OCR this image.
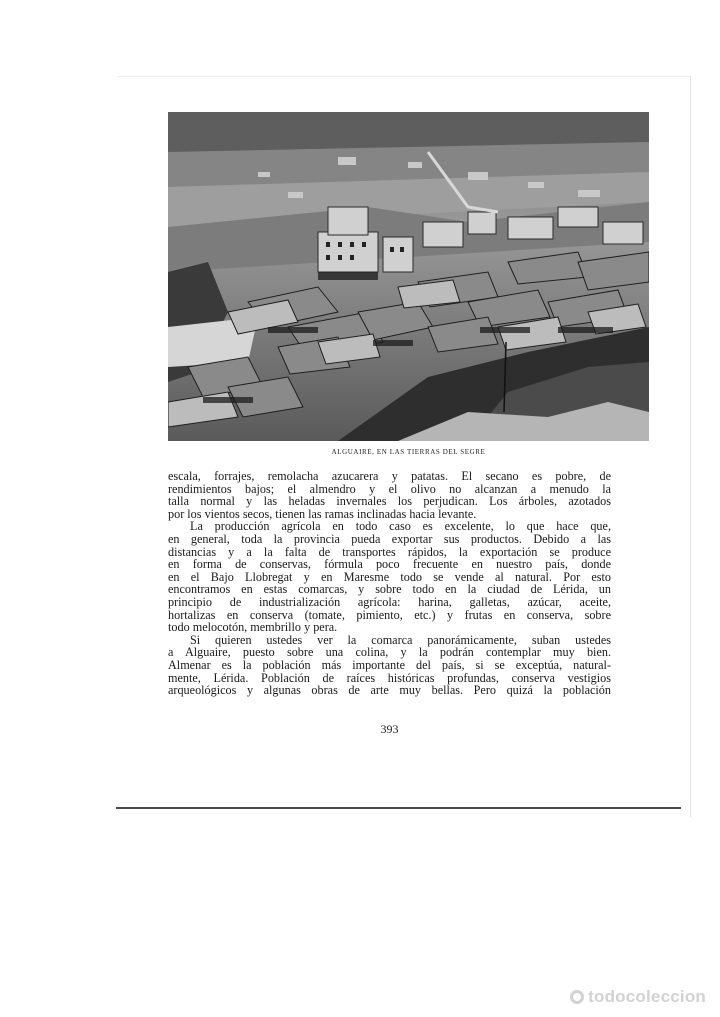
ALGUAIRE, EN LAS TIERRAS DEL SEGRE
escala, forrajes, remolacha azucarera y patatas. El secano es pobre, de
rendimientos bajos; el almendro y el olivo no alcanzan a menudo la
talla normal y las heladas invernales los perjudican. Los árboles, azotados
por los vientos secos, tienen las ramas inclinadas hacia levante.
La producción agrícola en todo caso es excelente, lo que hace que,
en general, toda la provincia pueda exportar sus productos. Debido a las
distancias y a la falta de transportes rápidos, la exportación se produce
en forma de conservas, fórmula poco frecuente en nuestro país, donde
en el Bajo Llobregat y en Maresme todo se vende al natural. Por esto
encontramos en estas comarcas, y sobre todo en la ciudad de Lérida, un
principio de industrialización agrícola: harina, galletas, azúcar, aceite,
hortalizas en conserva (tomate, pimiento, etc.) y frutas en conserva, sobre
todo melocotón, membrillo y pera.
Si quieren ustedes ver la comarca panorámicamente, suban ustedes
a Alguaire, puesto sobre una colina, y la podrán contemplar muy bien.
Almenar es la población más importante del país, si se exceptúa, natural-
mente, Lérida. Población de raíces históricas profundas, conserva vestigios
arqueológicos y algunas obras de arte muy bellas. Pero quizá la población
393
todocoleccion
